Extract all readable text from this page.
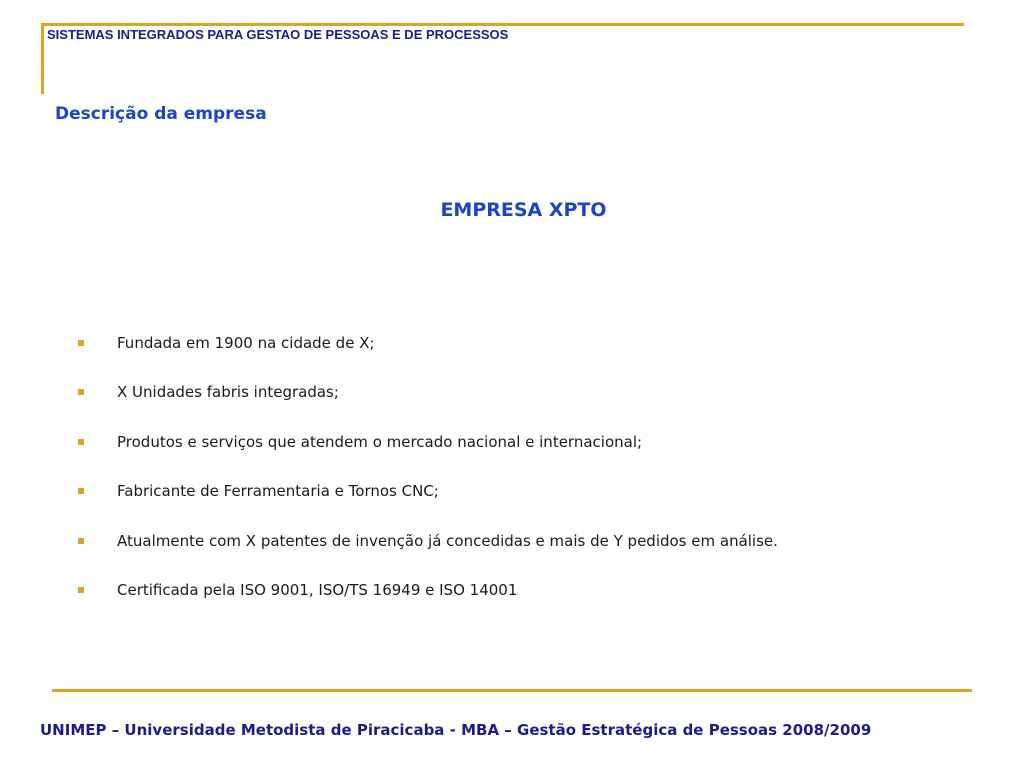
SISTEMAS INTEGRADOS PARA GESTAO DE PESSOAS E DE PROCESSOS
Descrição da empresa
EMPRESA XPTO
Fundada em 1900 na cidade de X;
X Unidades fabris integradas;
Produtos e serviços que atendem o mercado nacional e internacional;
Fabricante de Ferramentaria e Tornos CNC;
Atualmente com X patentes de invenção já concedidas e mais de Y pedidos em análise.
Certificada pela ISO 9001, ISO/TS 16949 e ISO 14001
UNIMEP – Universidade Metodista de Piracicaba - MBA – Gestão Estratégica de Pessoas 2008/2009
